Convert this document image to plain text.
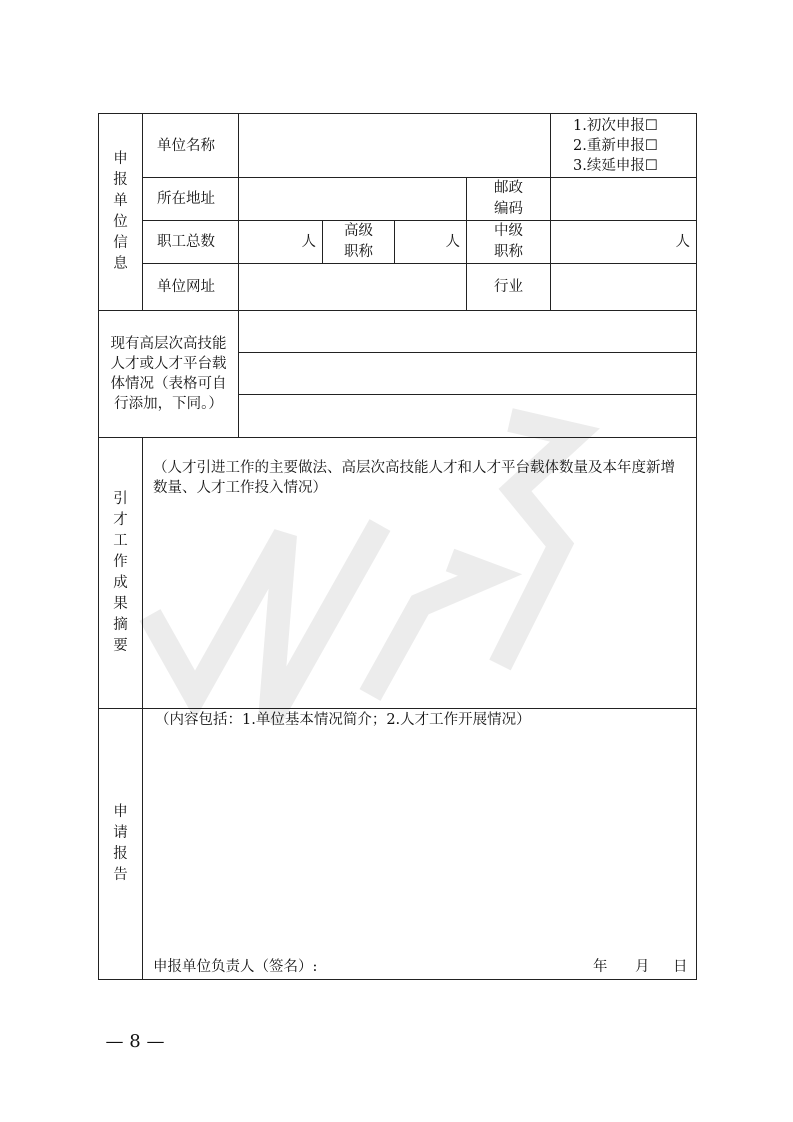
申报单位信息	单位名称					1.初次申报☐
2.重新申报☐
3.续延申报☐

	所在地址				邮政编码	

	职工总数	人	高级职称	人	中级职称	人
	单位网址				行业	
现有高层次高技能人才或人才平台载体情况（表格可自行添加，下同。）						

引才工作成果摘要	（人才引进工作的主要做法、高层次高技能人才和人才平台载体数量及本年度新增数量、人才工作投入情况）					

申请报告	（内容包括：1.单位基本情况简介；2.人才工作开展情况）
申报单位负责人（签名）: 年 月 日					
— 8 —
